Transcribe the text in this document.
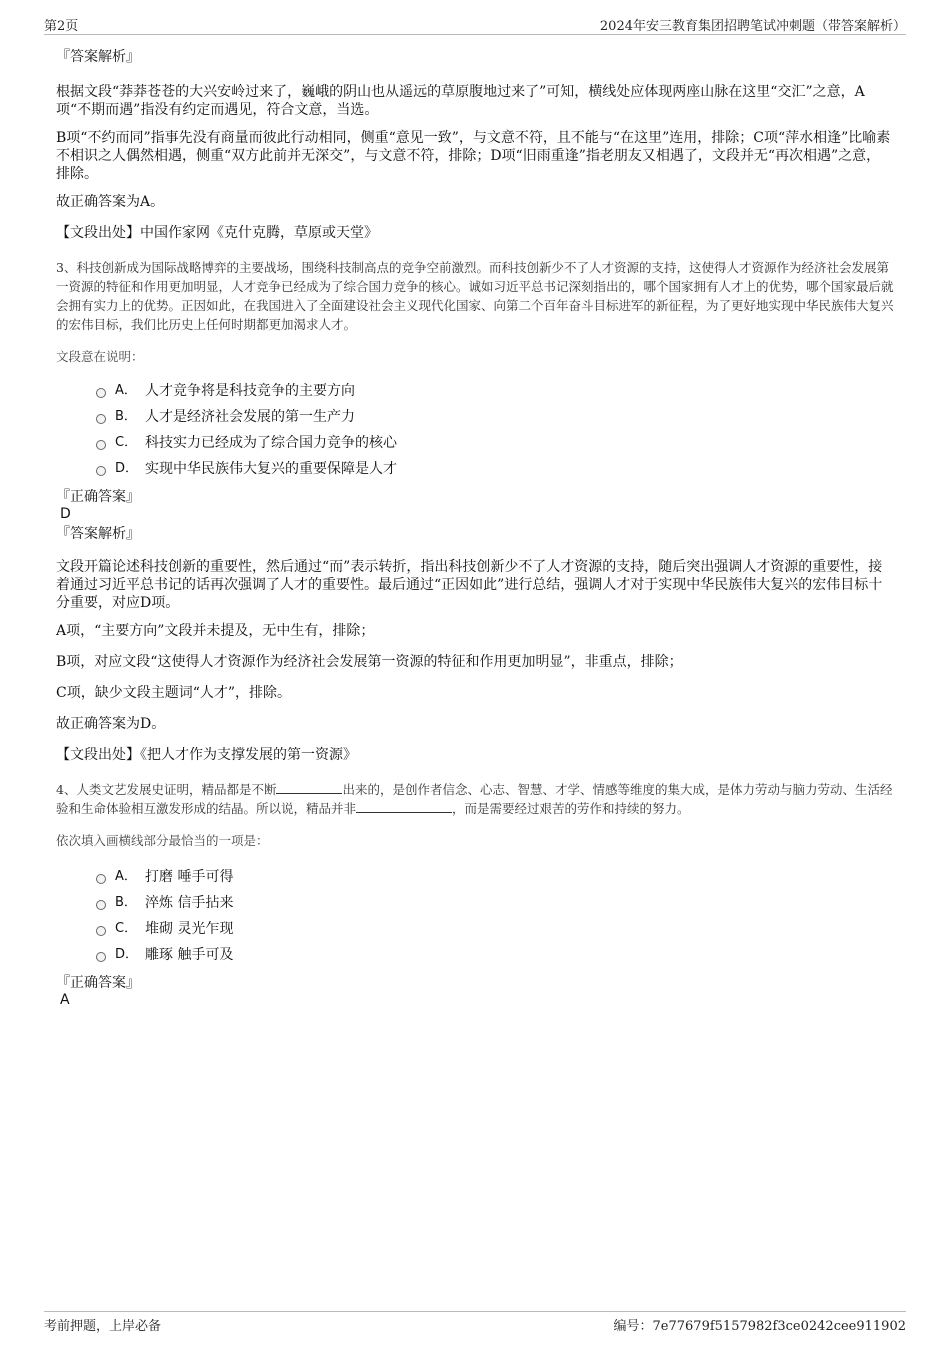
第2页	2024年安三教育集团招聘笔试冲刺题（带答案解析）

『答案解析』

根据文段“莽莽苍苍的大兴安岭过来了，巍峨的阴山也从遥远的草原腹地过来了”可知，横线处应体现两座山脉在这里“交汇”之意，A项“不期而遇”指没有约定而遇见，符合文意，当选。

B项“不约而同”指事先没有商量而彼此行动相同，侧重“意见一致”，与文意不符，且不能与“在这里”连用，排除；C项“萍水相逢”比喻素不相识之人偶然相遇，侧重“双方此前并无深交”，与文意不符，排除；D项“旧雨重逢”指老朋友又相遇了，文段并无“再次相遇”之意，排除。

故正确答案为A。

【文段出处】中国作家网《克什克腾，草原或天堂》

3、科技创新成为国际战略博弈的主要战场，围绕科技制高点的竞争空前激烈。而科技创新少不了人才资源的支持，这使得人才资源作为经济社会发展第一资源的特征和作用更加明显，人才竞争已经成为了综合国力竞争的核心。诚如习近平总书记深刻指出的，哪个国家拥有人才上的优势，哪个国家最后就会拥有实力上的优势。正因如此，在我国进入了全面建设社会主义现代化国家、向第二个百年奋斗目标进军的新征程，为了更好地实现中华民族伟大复兴的宏伟目标，我们比历史上任何时期都更加渴求人才。

文段意在说明：

A． 人才竞争将是科技竞争的主要方向
B． 人才是经济社会发展的第一生产力
C． 科技实力已经成为了综合国力竞争的核心
D． 实现中华民族伟大复兴的重要保障是人才

『正确答案』

D

『答案解析』

文段开篇论述科技创新的重要性，然后通过“而”表示转折，指出科技创新少不了人才资源的支持，随后突出强调人才资源的重要性，接着通过习近平总书记的话再次强调了人才的重要性。最后通过“正因如此”进行总结，强调人才对于实现中华民族伟大复兴的宏伟目标十分重要，对应D项。

A项，“主要方向”文段并未提及，无中生有，排除；

B项，对应文段“这使得人才资源作为经济社会发展第一资源的特征和作用更加明显”，非重点，排除；

C项，缺少文段主题词“人才”，排除。

故正确答案为D。

【文段出处】《把人才作为支撑发展的第一资源》

4、人类文艺发展史证明，精品都是不断	出来的，是创作者信念、心志、智慧、才学、情感等维度的集大成，是体力劳动与脑力劳动、生活经验和生命体验相互激发形成的结晶。所以说，精品并非	，而是需要经过艰苦的劳作和持续的努力。

依次填入画横线部分最恰当的一项是：

A． 打磨 唾手可得
B． 淬炼 信手拈来
C． 堆砌 灵光乍现
D． 雕琢 触手可及

『正确答案』

A

考前押题，上岸必备	编号：7e77679f5157982f3ce0242cee911902
